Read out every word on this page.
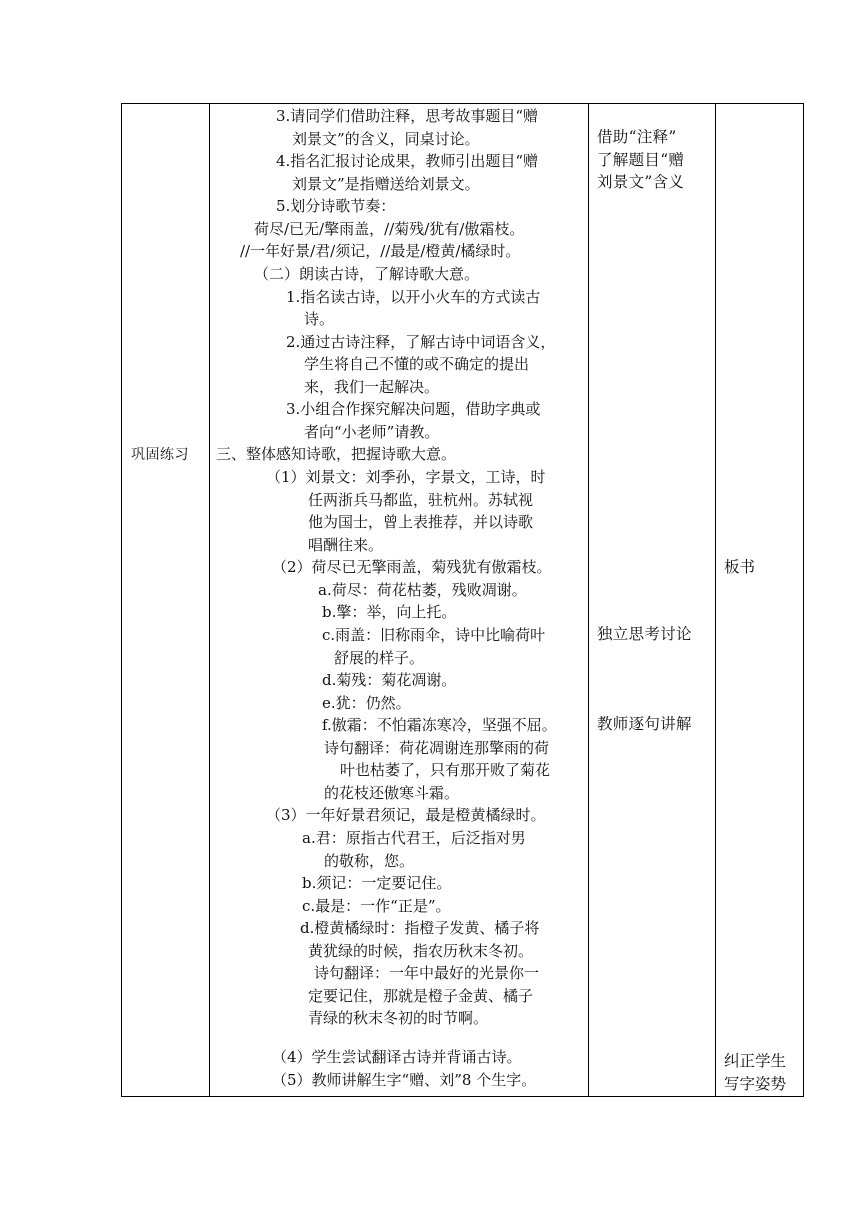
巩固练习
3.请同学们借助注释，思考故事题目“赠
刘景文”的含义，同桌讨论。
4.指名汇报讨论成果，教师引出题目“赠
刘景文”是指赠送给刘景文。
5.划分诗歌节奏：
荷尽/已无/擎雨盖，//菊残/犹有/傲霜枝。
//一年好景/君/须记，//最是/橙黄/橘绿时。
（二）朗读古诗，了解诗歌大意。
1.指名读古诗，以开小火车的方式读古
诗。
2.通过古诗注释，了解古诗中词语含义，
学生将自己不懂的或不确定的提出
来，我们一起解决。
3.小组合作探究解决问题，借助字典或
者向“小老师”请教。
三、整体感知诗歌，把握诗歌大意。
（1）刘景文：刘季孙，字景文，工诗，时
任两浙兵马都监，驻杭州。苏轼视
他为国士，曾上表推荐，并以诗歌
唱酬往来。
（2）荷尽已无擎雨盖，菊残犹有傲霜枝。
a.荷尽：荷花枯萎，残败凋谢。
b.擎：举，向上托。
c.雨盖：旧称雨伞，诗中比喻荷叶
舒展的样子。
d.菊残：菊花凋谢。
e.犹：仍然。
f.傲霜：不怕霜冻寒冷，坚强不屈。
诗句翻译：荷花凋谢连那擎雨的荷
叶也枯萎了，只有那开败了菊花
的花枝还傲寒斗霜。
（3）一年好景君须记，最是橙黄橘绿时。
a.君：原指古代君王，后泛指对男
的敬称，您。
b.须记：一定要记住。
c.最是：一作“正是”。
d.橙黄橘绿时：指橙子发黄、橘子将
黄犹绿的时候，指农历秋末冬初。
诗句翻译：一年中最好的光景你一
定要记住，那就是橙子金黄、橘子
青绿的秋末冬初的时节啊。
（4）学生尝试翻译古诗并背诵古诗。
（5）教师讲解生字“赠、刘”8 个生字。
借助“注释”
了解题目“赠
刘景文”含义
独立思考讨论
教师逐句讲解
板书
纠正学生
写字姿势
